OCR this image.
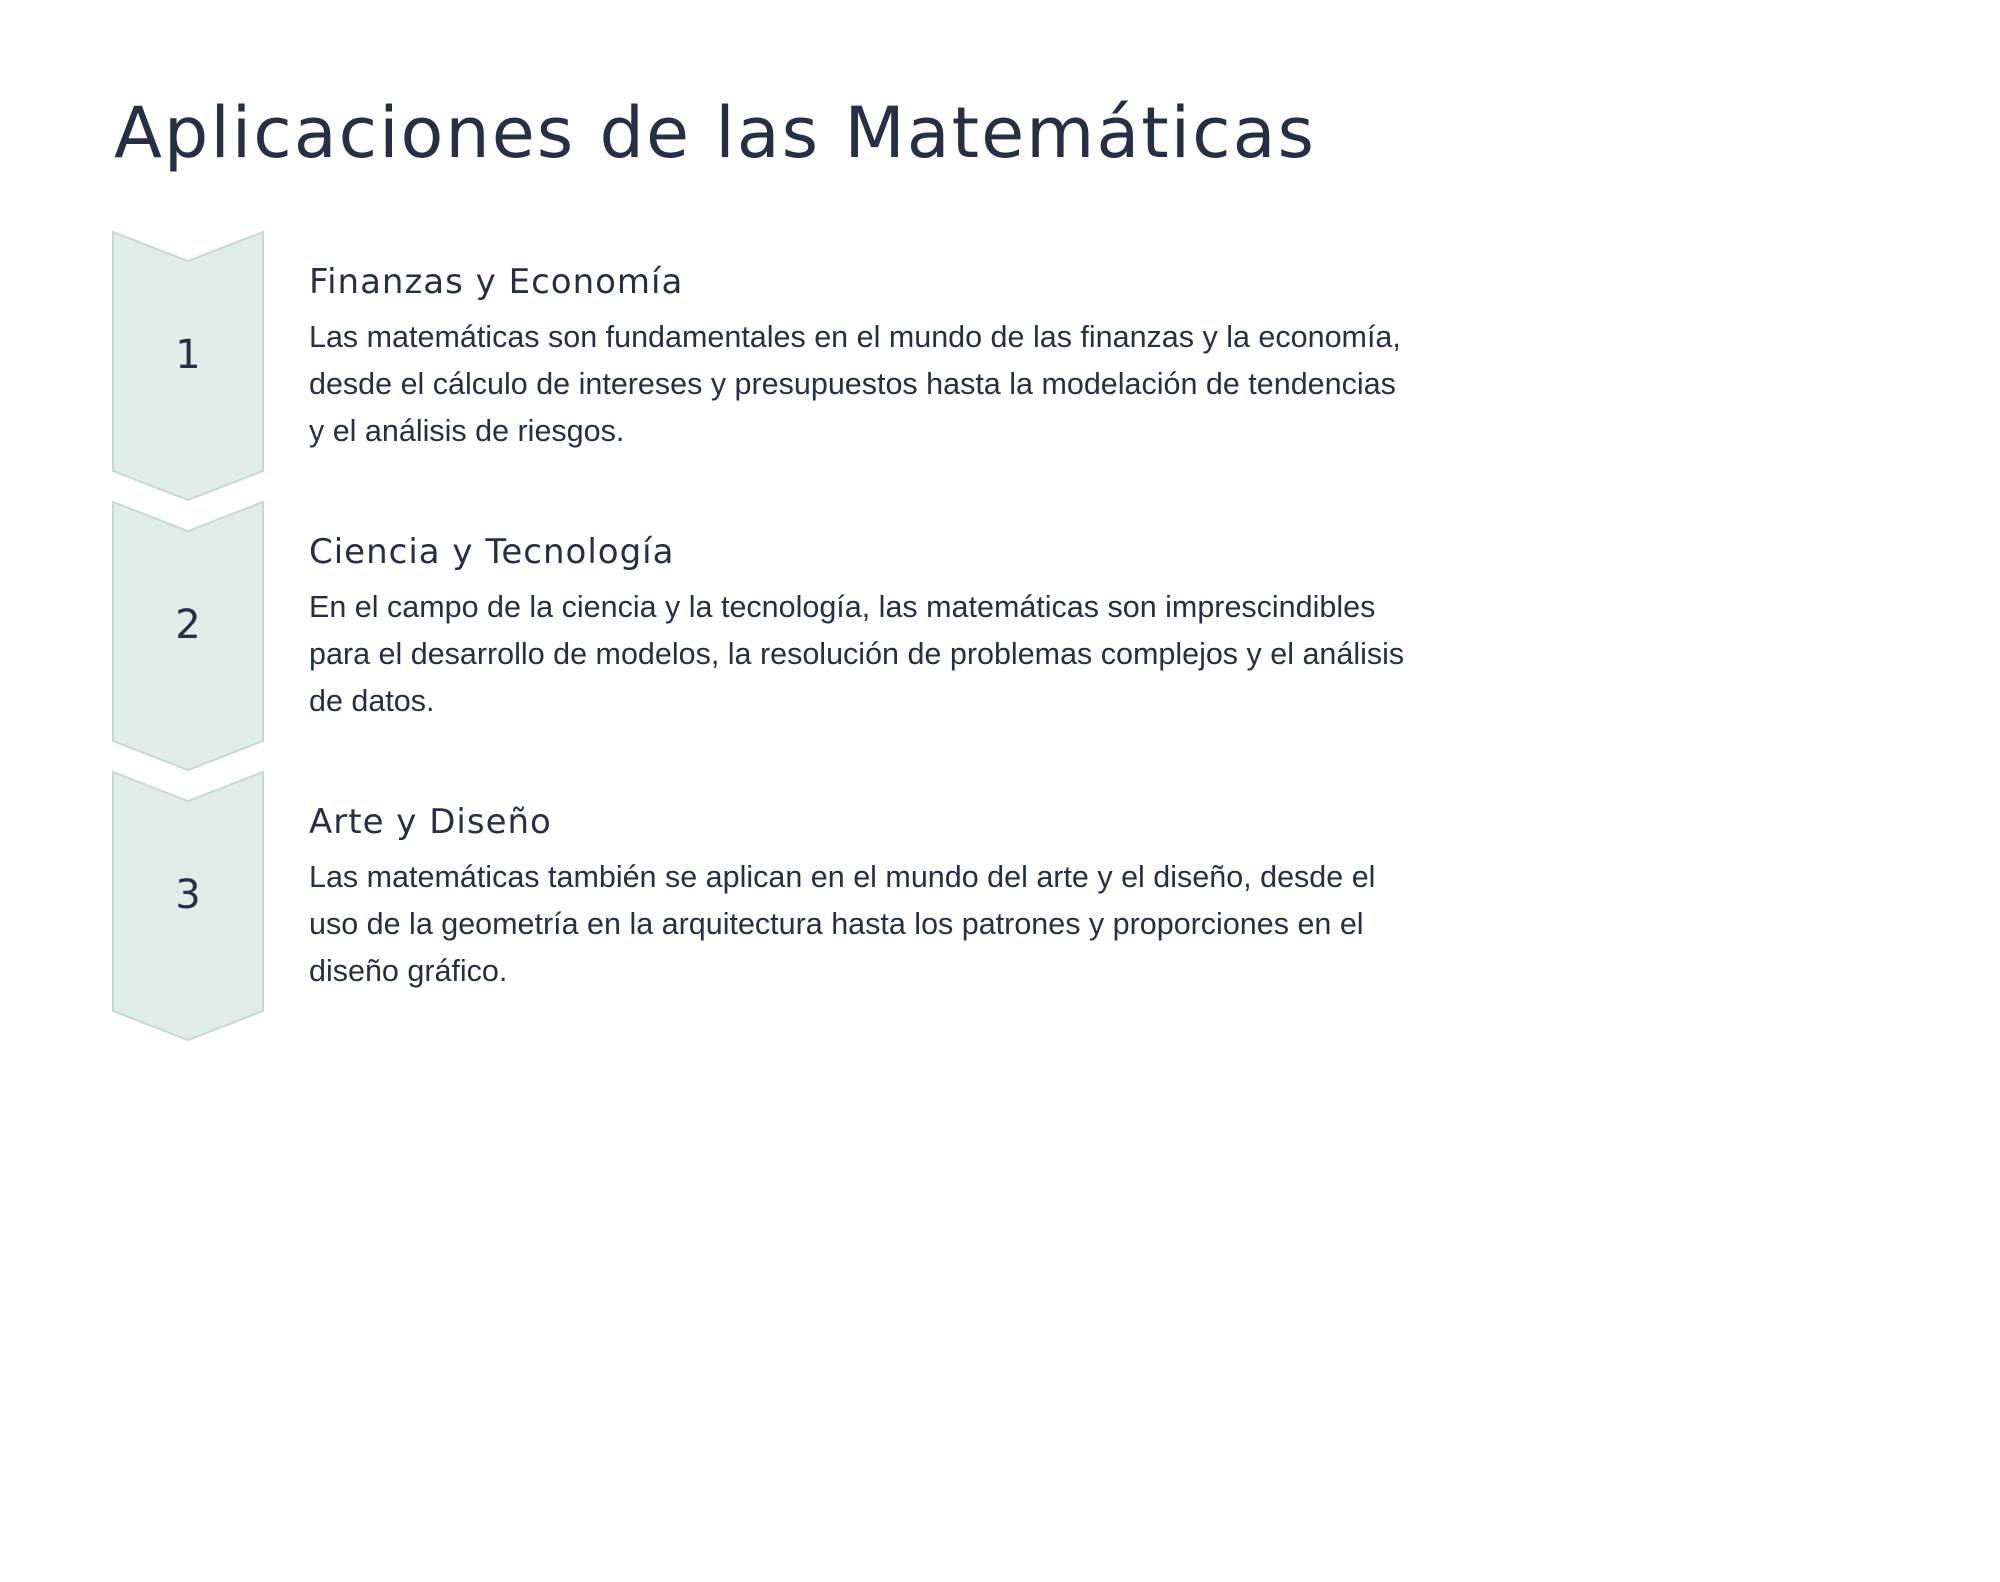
Aplicaciones de las Matemáticas
1
Finanzas y Economía

Las matemáticas son fundamentales en el mundo de las finanzas y la economía, desde el cálculo de intereses y presupuestos hasta la modelación de tendencias y el análisis de riesgos.

2
Ciencia y Tecnología

En el campo de la ciencia y la tecnología, las matemáticas son imprescindibles para el desarrollo de modelos, la resolución de problemas complejos y el análisis de datos.

3
Arte y Diseño

Las matemáticas también se aplican en el mundo del arte y el diseño, desde el uso de la geometría en la arquitectura hasta los patrones y proporciones en el diseño gráfico.
